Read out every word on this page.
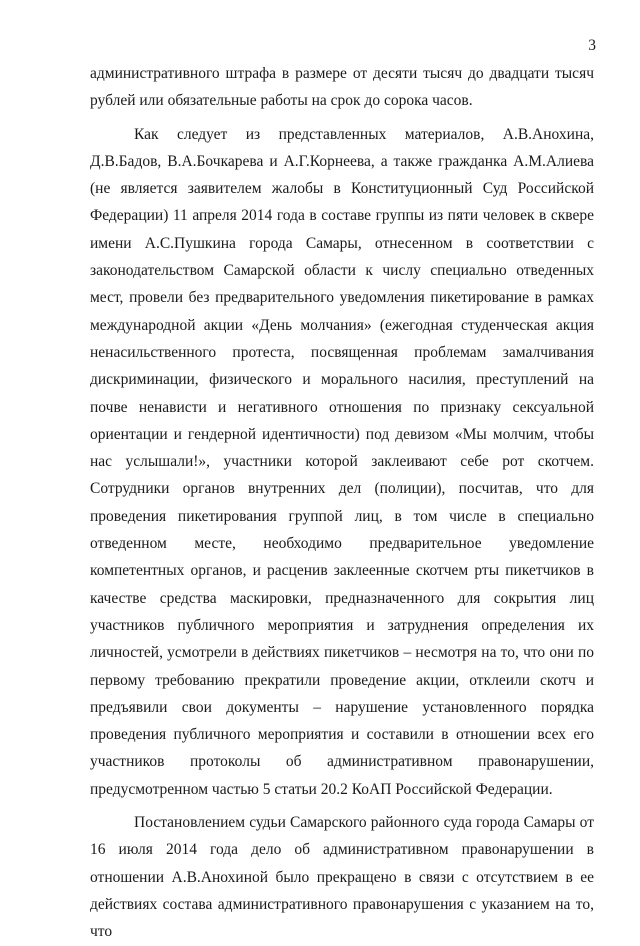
3

административного штрафа в размере от десяти тысяч до двадцати тысяч рублей или обязательные работы на срок до сорока часов.

Как следует из представленных материалов, А.В.Анохина, Д.В.Бадов, В.А.Бочкарева и А.Г.Корнеева, а также гражданка А.М.Алиева (не является заявителем жалобы в Конституционный Суд Российской Федерации) 11 апреля 2014 года в составе группы из пяти человек в сквере имени А.С.Пушкина города Самары, отнесенном в соответствии с законодательством Самарской области к числу специально отведенных мест, провели без предварительного уведомления пикетирование в рамках международной акции «День молчания» (ежегодная студенческая акция ненасильственного протеста, посвященная проблемам замалчивания дискриминации, физического и морального насилия, преступлений на почве ненависти и негативного отношения по признаку сексуальной ориентации и гендерной идентичности) под девизом «Мы молчим, чтобы нас услышали!», участники которой заклеивают себе рот скотчем. Сотрудники органов внутренних дел (полиции), посчитав, что для проведения пикетирования группой лиц, в том числе в специально отведенном месте, необходимо предварительное уведомление компетентных органов, и расценив заклеенные скотчем рты пикетчиков в качестве средства маскировки, предназначенного для сокрытия лиц участников публичного мероприятия и затруднения определения их личностей, усмотрели в действиях пикетчиков – несмотря на то, что они по первому требованию прекратили проведение акции, отклеили скотч и предъявили свои документы – нарушение установленного порядка проведения публичного мероприятия и составили в отношении всех его участников протоколы об административном правонарушении, предусмотренном частью 5 статьи 20.2 КоАП Российской Федерации.

Постановлением судьи Самарского районного суда города Самары от 16 июля 2014 года дело об административном правонарушении в отношении А.В.Анохиной было прекращено в связи с отсутствием в ее действиях состава административного правонарушения с указанием на то, что
